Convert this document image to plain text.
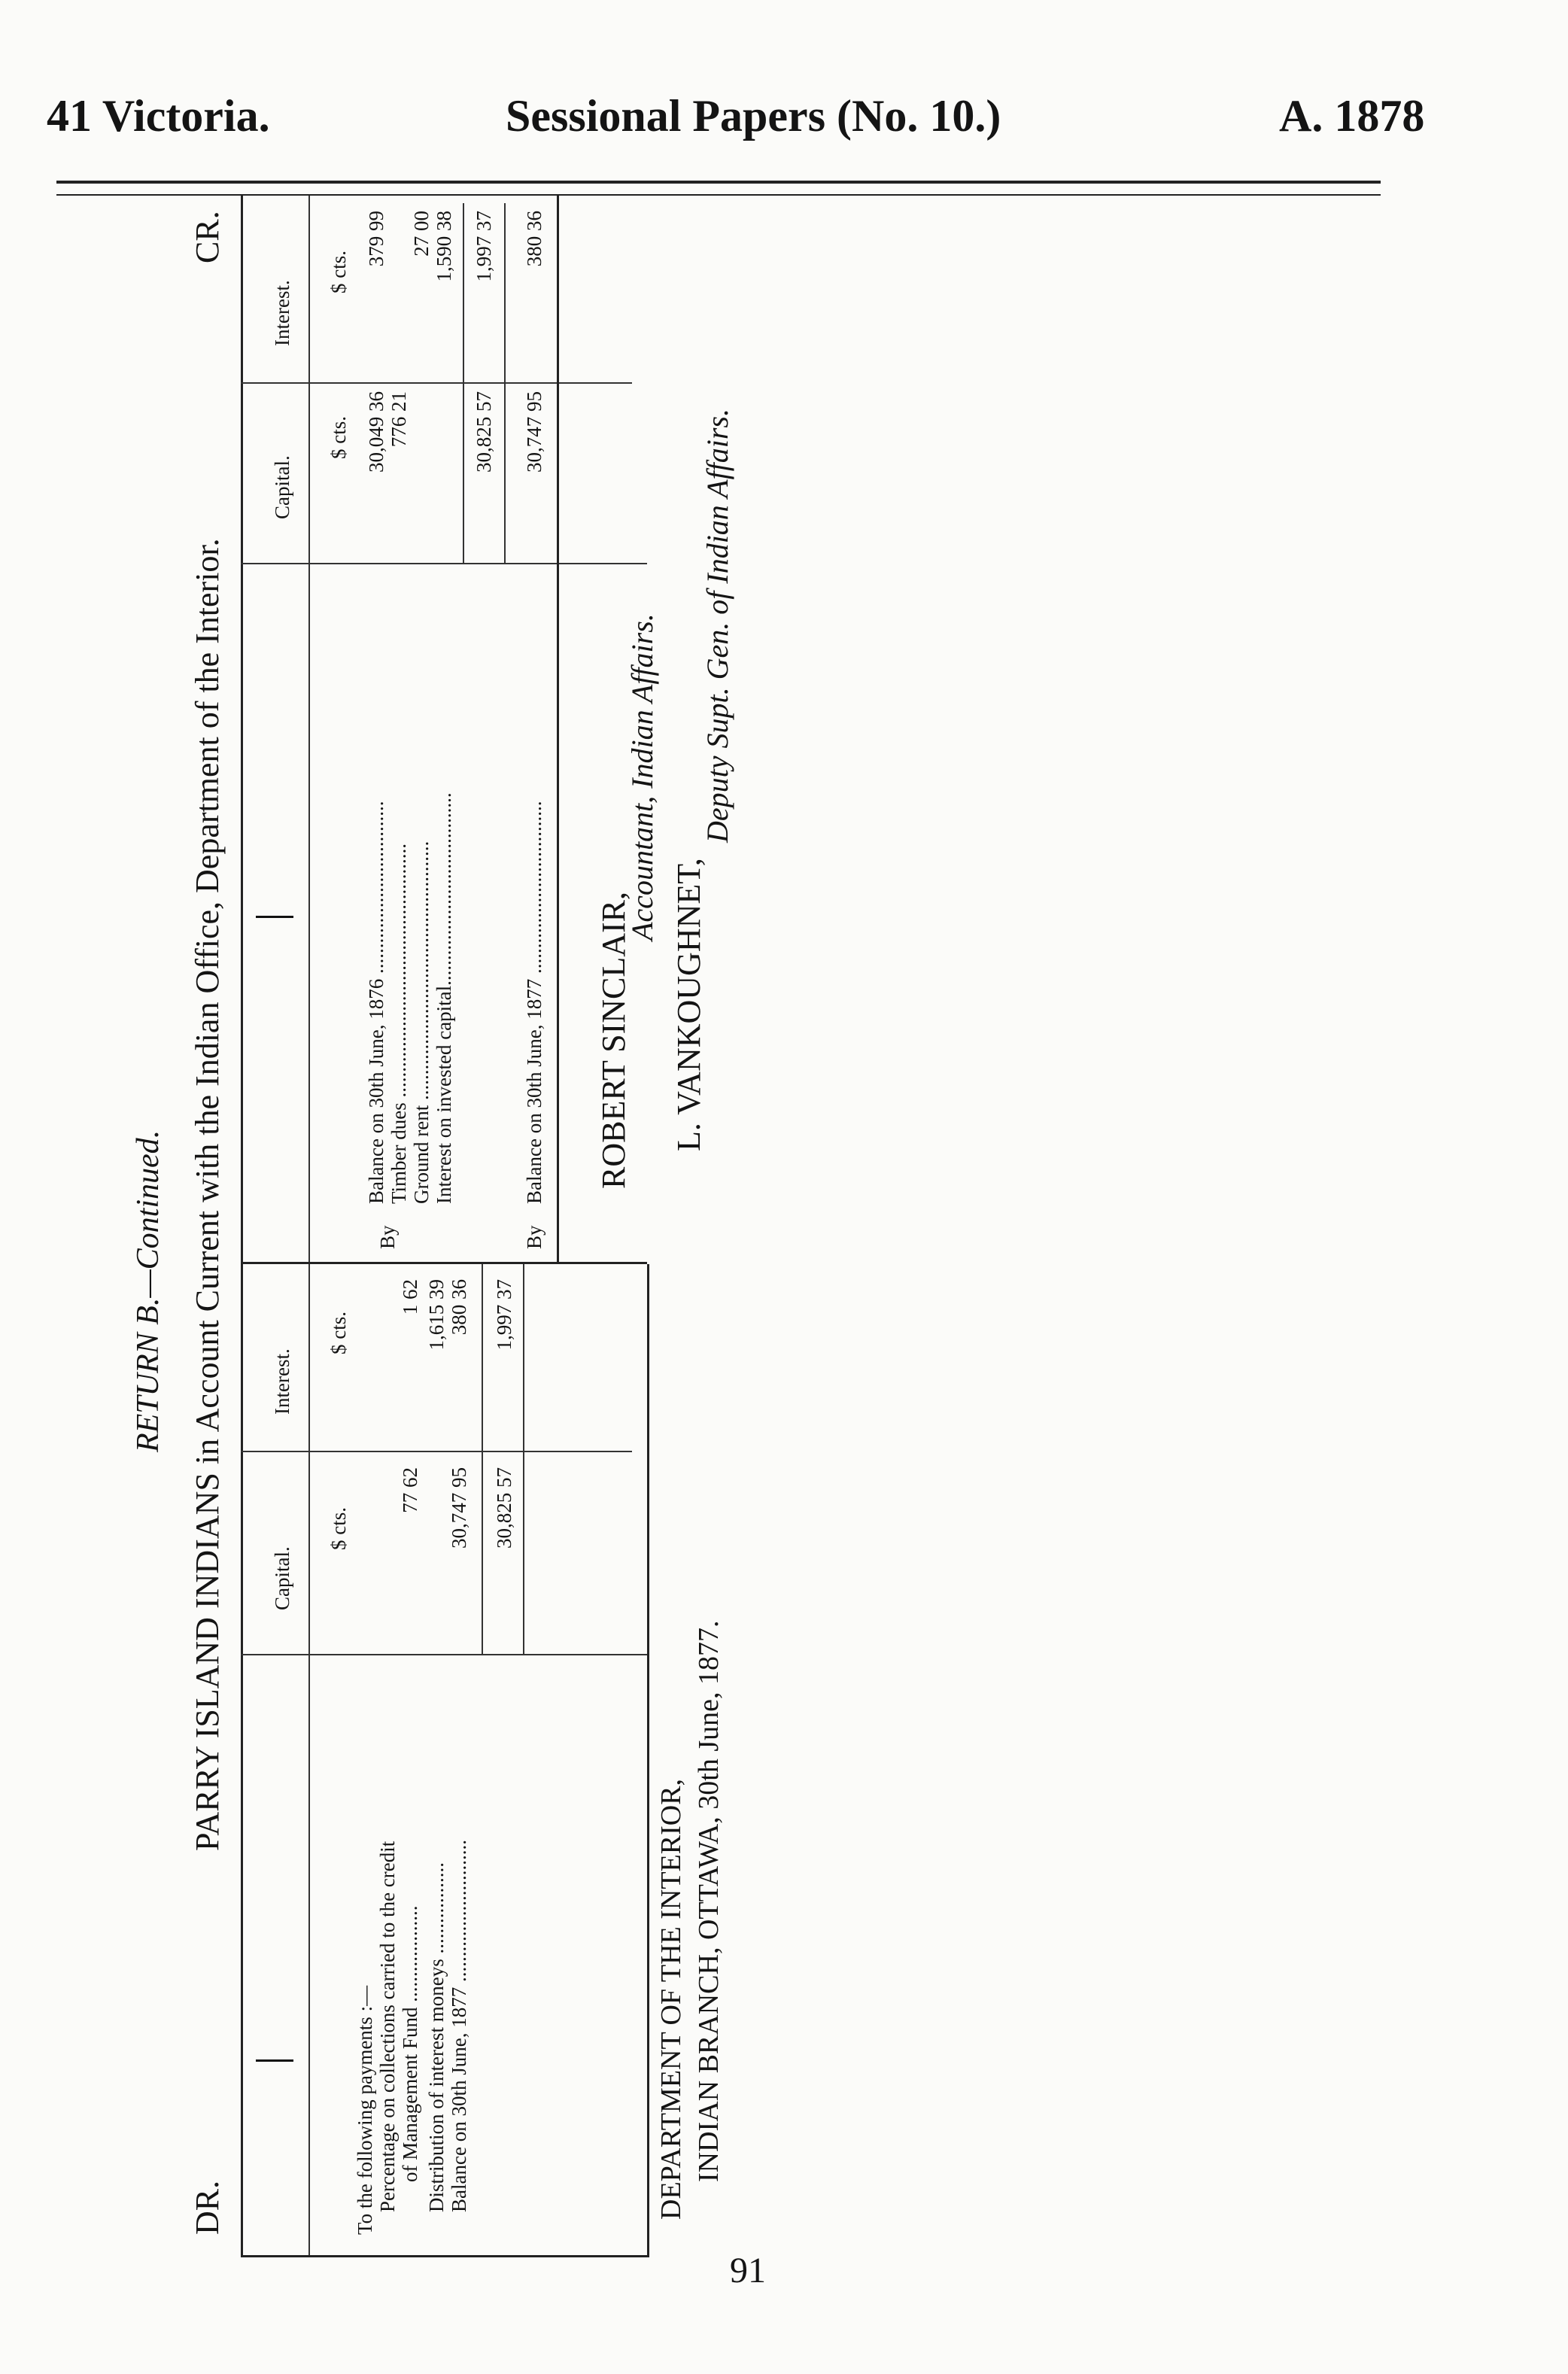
41 Victoria.	Sessional Papers (No. 10.)	A. 1878
RETURN B.—Continued.
DR.
PARRY ISLAND INDIANS in Account Current with the Indian Office, Department of the Interior.
CR.
Capital.
Interest.
$ cts.
$ cts.
To the following payments :— Percentage on collections carried to the credit of Management Fund ................... Distribution of interest moneys .................. Balance on 30th June, 1877 ............................
77 62
1 62 1,615 39
30,747 95
380 36
30,825 57
1,997 37
Capital.
Interest.
$ cts.
$ cts.
By
Balance on 30th June, 1876 .................................. Timber dues .................................................. Ground rent ................................................... Interest on invested capital......................................
30,049 36
379 99
776 21
27 00 1,590 38
30,825 57
1,997 37
By
Balance on 30th June, 1877 ..................................
30,747 95
380 36
ROBERT SINCLAIR,
Accountant, Indian Affairs.
L. VANKOUGHNET,
Deputy Supt. Gen. of Indian Affairs.
DEPARTMENT OF THE INTERIOR, INDIAN BRANCH, OTTAWA, 30th June, 1877.
91
